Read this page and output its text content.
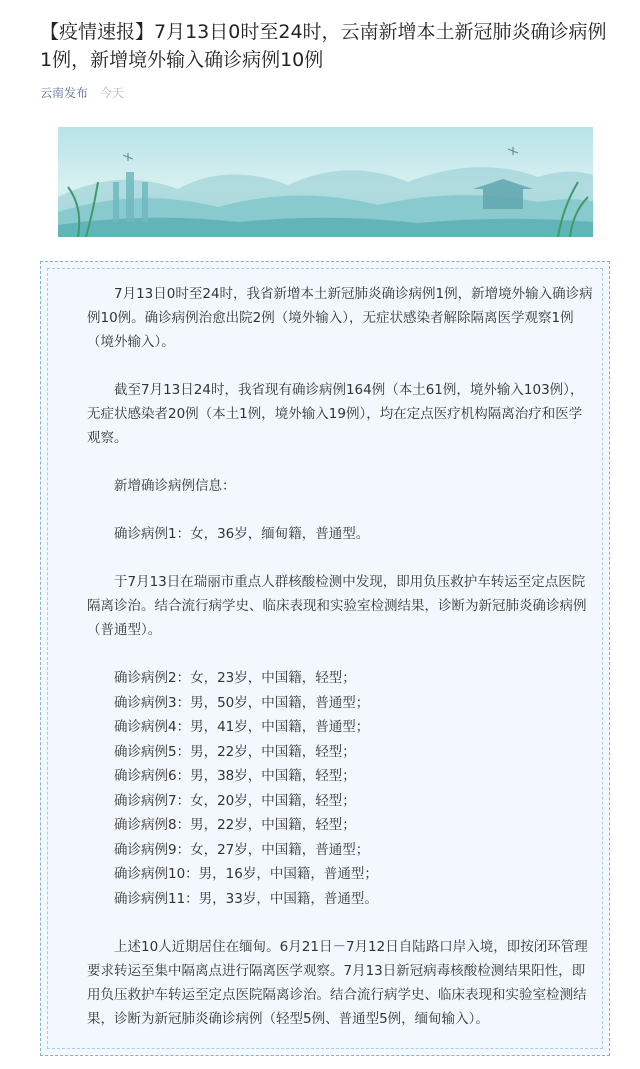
【疫情速报】7月13日0时至24时，云南新增本土新冠肺炎确诊病例1例，新增境外输入确诊病例10例
云南发布 今天

7月13日0时至24时，我省新增本土新冠肺炎确诊病例1例，新增境外输入确诊病例10例。确诊病例治愈出院2例（境外输入），无症状感染者解除隔离医学观察1例（境外输入）。

截至7月13日24时，我省现有确诊病例164例（本土61例，境外输入103例），无症状感染者20例（本土1例，境外输入19例），均在定点医疗机构隔离治疗和医学观察。

新增确诊病例信息：

确诊病例1：女，36岁，缅甸籍，普通型。

于7月13日在瑞丽市重点人群核酸检测中发现，即用负压救护车转运至定点医院隔离诊治。结合流行病学史、临床表现和实验室检测结果，诊断为新冠肺炎确诊病例（普通型）。

确诊病例2：女，23岁，中国籍，轻型；
确诊病例3：男，50岁，中国籍，普通型；
确诊病例4：男，41岁，中国籍，普通型；
确诊病例5：男，22岁，中国籍，轻型；
确诊病例6：男，38岁，中国籍，轻型；
确诊病例7：女，20岁，中国籍，轻型；
确诊病例8：男，22岁，中国籍，轻型；
确诊病例9：女，27岁，中国籍，普通型；
确诊病例10：男，16岁，中国籍，普通型；
确诊病例11：男，33岁，中国籍，普通型。

上述10人近期居住在缅甸。6月21日－7月12日自陆路口岸入境，即按闭环管理要求转运至集中隔离点进行隔离医学观察。7月13日新冠病毒核酸检测结果阳性，即用负压救护车转运至定点医院隔离诊治。结合流行病学史、临床表现和实验室检测结果，诊断为新冠肺炎确诊病例（轻型5例、普通型5例，缅甸输入）。
